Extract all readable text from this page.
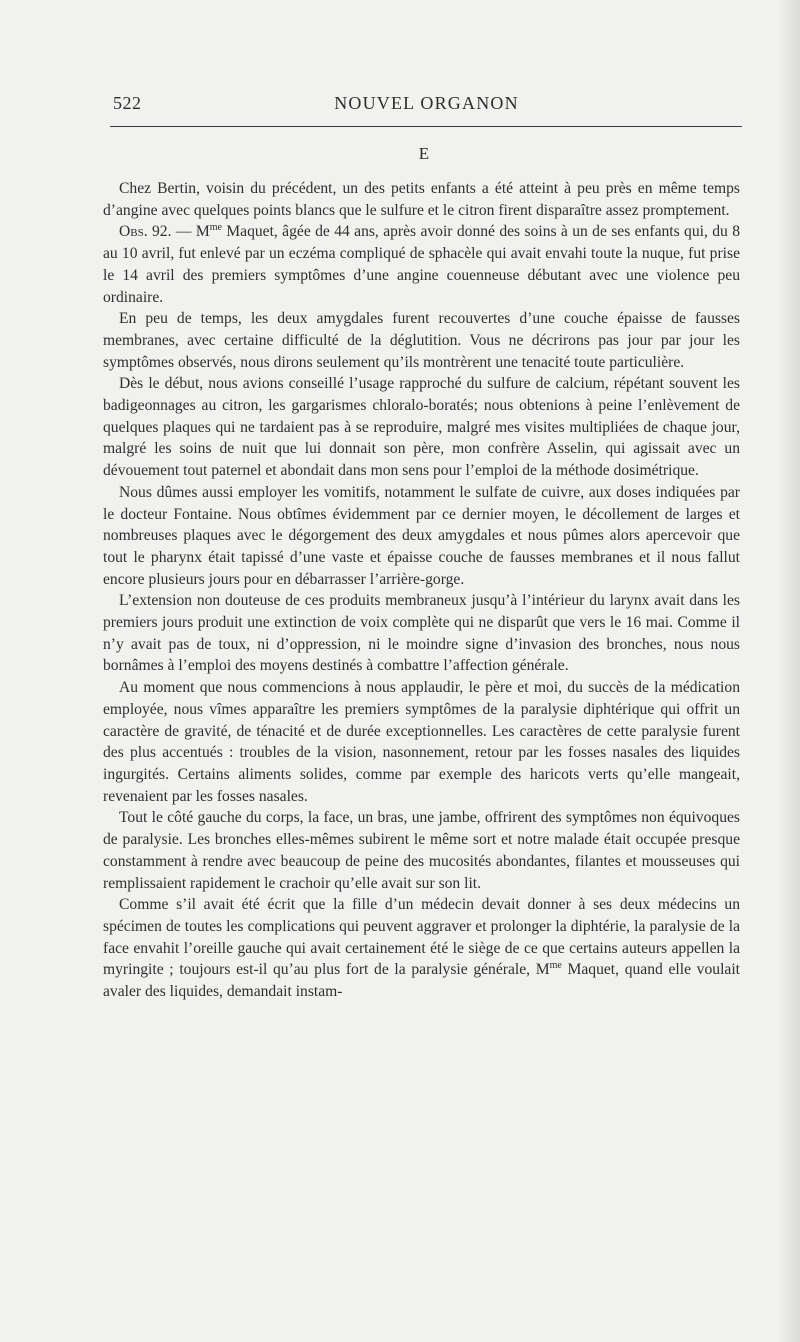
522	NOUVEL ORGANON
E

Chez Bertin, voisin du précédent, un des petits enfants a été atteint à peu près en même temps d’angine avec quelques points blancs que le sulfure et le citron firent disparaître assez promptement.

Obs. 92. — $M^{me}$ Maquet, âgée de 44 ans, après avoir donné des soins à un de ses enfants qui, du 8 au 10 avril, fut enlevé par un eczéma compliqué de sphacèle qui avait envahi toute la nuque, fut prise le 14 avril des premiers symptômes d’une angine couenneuse débutant avec une violence peu ordinaire.

En peu de temps, les deux amygdales furent recouvertes d’une couche épaisse de fausses membranes, avec certaine difficulté de la déglutition. Vous ne décrirons pas jour par jour les symptômes observés, nous dirons seulement qu’ils montrèrent une tenacité toute particulière.

Dès le début, nous avions conseillé l’usage rapproché du sulfure de calcium, répétant souvent les badigeonnages au citron, les gargarismes chloralo-boratés; nous obtenions à peine l’enlèvement de quelques plaques qui ne tardaient pas à se reproduire, malgré mes visites multipliées de chaque jour, malgré les soins de nuit que lui donnait son père, mon confrère Asselin, qui agissait avec un dévouement tout paternel et abondait dans mon sens pour l’emploi de la méthode dosimétrique.

Nous dûmes aussi employer les vomitifs, notamment le sulfate de cuivre, aux doses indiquées par le docteur Fontaine. Nous obtîmes évidemment par ce dernier moyen, le décollement de larges et nombreuses plaques avec le dégorgement des deux amygdales et nous pûmes alors apercevoir que tout le pharynx était tapissé d’une vaste et épaisse couche de fausses membranes et il nous fallut encore plusieurs jours pour en débarrasser l’arrière-gorge.

L’extension non douteuse de ces produits membraneux jusqu’à l’intérieur du larynx avait dans les premiers jours produit une extinction de voix complète qui ne disparût que vers le 16 mai. Comme il n’y avait pas de toux, ni d’oppression, ni le moindre signe d’invasion des bronches, nous nous bornâmes à l’emploi des moyens destinés à combattre l’affection générale.

Au moment que nous commencions à nous applaudir, le père et moi, du succès de la médication employée, nous vîmes apparaître les premiers symptômes de la paralysie diphtérique qui offrit un caractère de gravité, de ténacité et de durée exceptionnelles. Les caractères de cette paralysie furent des plus accentués : troubles de la vision, nasonnement, retour par les fosses nasales des liquides ingurgités. Certains aliments solides, comme par exemple des haricots verts qu’elle mangeait, revenaient par les fosses nasales.

Tout le côté gauche du corps, la face, un bras, une jambe, offrirent des symptômes non équivoques de paralysie. Les bronches elles-mêmes subirent le même sort et notre malade était occupée presque constamment à rendre avec beaucoup de peine des mucosités abondantes, filantes et mousseuses qui remplissaient rapidement le crachoir qu’elle avait sur son lit.

Comme s’il avait été écrit que la fille d’un médecin devait donner à ses deux médecins un spécimen de toutes les complications qui peuvent aggraver et prolonger la diphtérie, la paralysie de la face envahit l’oreille gauche qui avait certainement été le siège de ce que certains auteurs appellen la myringite ; toujours est-il qu’au plus fort de la paralysie générale, $M^{me}$ Maquet, quand elle voulait avaler des liquides, demandait instam-
